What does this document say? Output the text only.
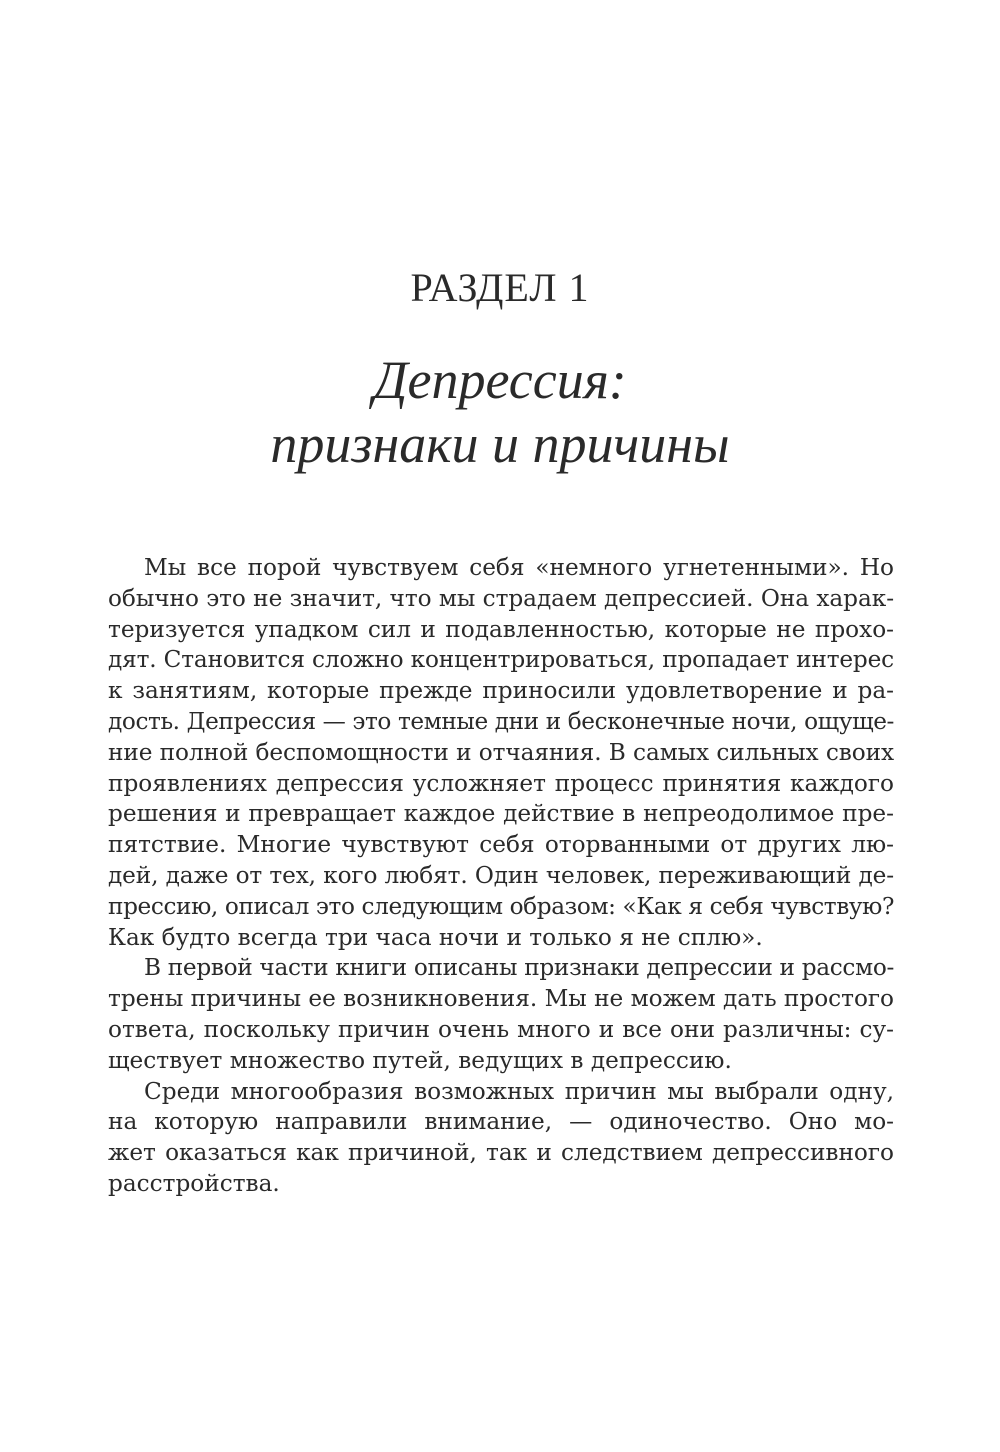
РАЗДЕЛ 1
Депрессия:
признаки и причины
Мы все порой чувствуем себя «немного угнетенными». Но
обычно это не значит, что мы страдаем депрессией. Она харак-
теризуется упадком сил и подавленностью, которые не прохо-
дят. Становится сложно концентрироваться, пропадает интерес
к занятиям, которые прежде приносили удовлетворение и ра-
дость. Депрессия — это темные дни и бесконечные ночи, ощуще-
ние полной беспомощности и отчаяния. В самых сильных своих
проявлениях депрессия усложняет процесс принятия каждого
решения и превращает каждое действие в непреодолимое пре-
пятствие. Многие чувствуют себя оторванными от других лю-
дей, даже от тех, кого любят. Один человек, переживающий де-
прессию, описал это следующим образом: «Как я себя чувствую?
Как будто всегда три часа ночи и только я не сплю».
В первой части книги описаны признаки депрессии и рассмо-
трены причины ее возникновения. Мы не можем дать простого
ответа, поскольку причин очень много и все они различны: су-
ществует множество путей, ведущих в депрессию.
Среди многообразия возможных причин мы выбрали одну,
на которую направили внимание, — одиночество. Оно мо-
жет оказаться как причиной, так и следствием депрессивного
расстройства.
